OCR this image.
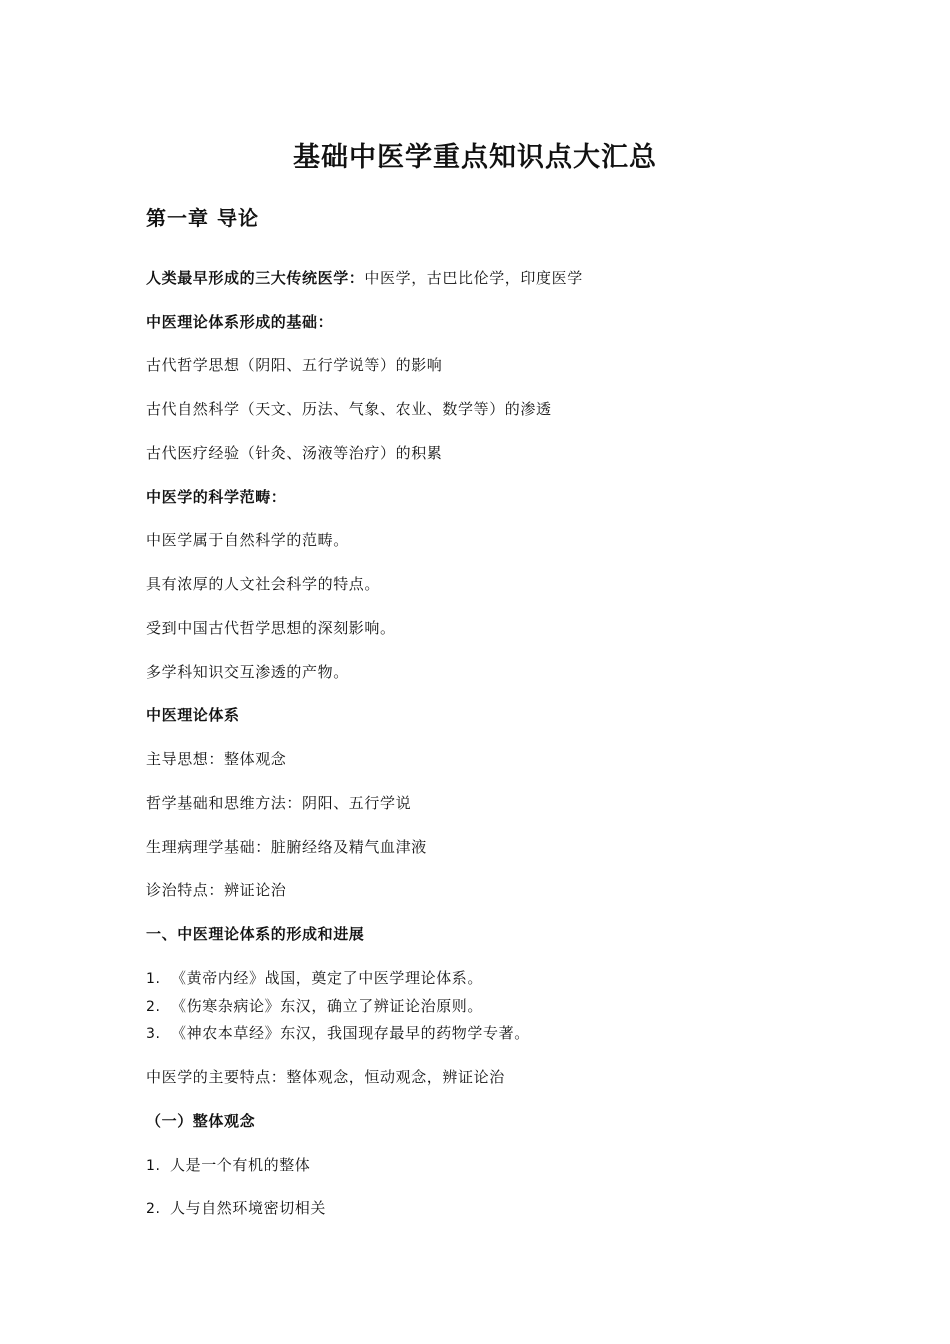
基础中医学重点知识点大汇总

第一章 导论

人类最早形成的三大传统医学：中医学，古巴比伦学，印度医学

中医理论体系形成的基础：

古代哲学思想（阴阳、五行学说等）的影响

古代自然科学（天文、历法、气象、农业、数学等）的渗透

古代医疗经验（针灸、汤液等治疗）的积累

中医学的科学范畴：

中医学属于自然科学的范畴。

具有浓厚的人文社会科学的特点。

受到中国古代哲学思想的深刻影响。

多学科知识交互渗透的产物。

中医理论体系

主导思想：整体观念

哲学基础和思维方法：阴阳、五行学说

生理病理学基础：脏腑经络及精气血津液

诊治特点：辨证论治

一、中医理论体系的形成和进展

1. 《黄帝内经》战国，奠定了中医学理论体系。

2. 《伤寒杂病论》东汉，确立了辨证论治原则。

3. 《神农本草经》东汉，我国现存最早的药物学专著。

中医学的主要特点：整体观念，恒动观念，辨证论治

（一）整体观念

1. 人是一个有机的整体

2. 人与自然环境密切相关
